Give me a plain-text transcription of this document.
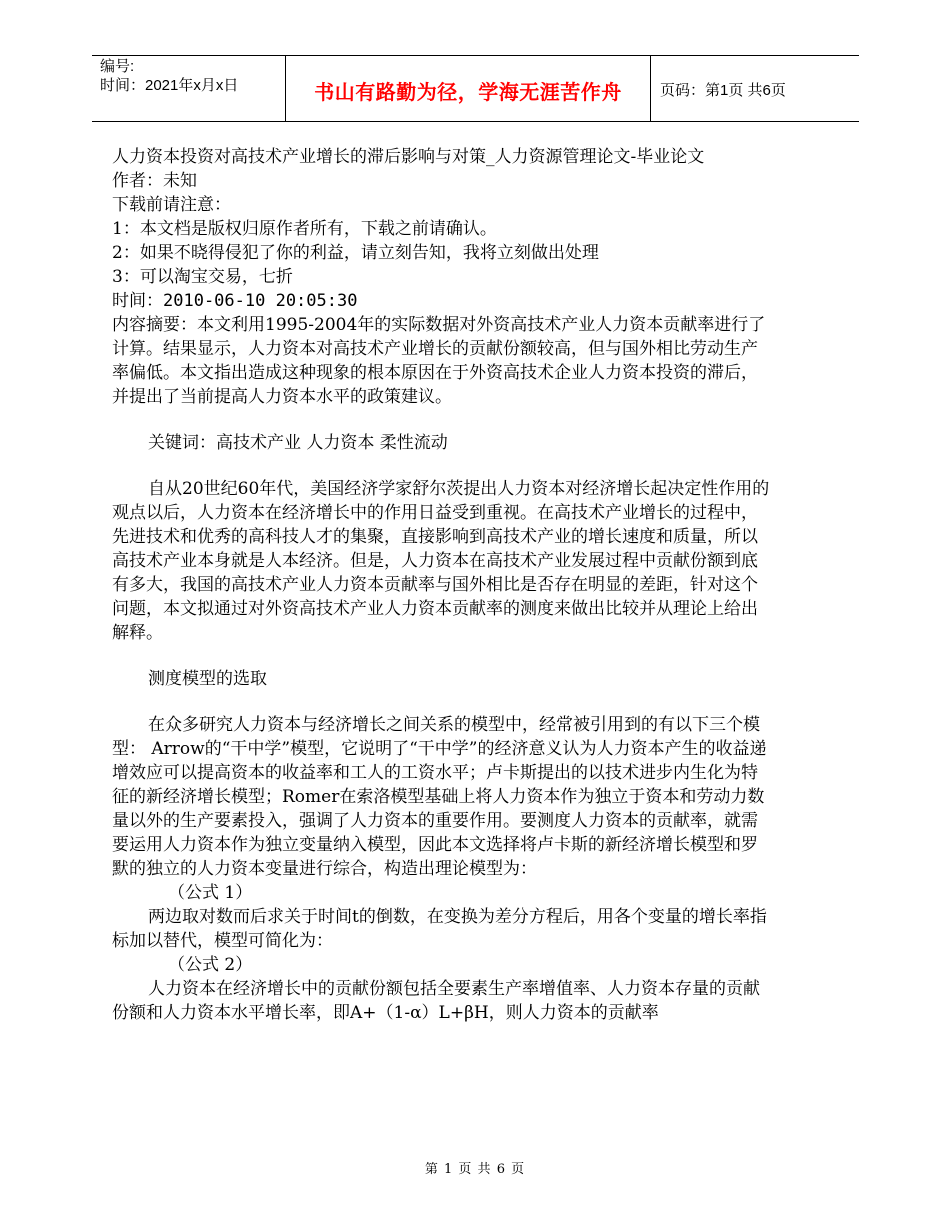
编号:
时间：2021年x月x日	书山有路勤为径，学海无涯苦作舟	页码：第1页 共6页

人力资本投资对高技术产业增长的滞后影响与对策_人力资源管理论文-毕业论文

作者：未知

下载前请注意：

1：本文档是版权归原作者所有，下载之前请确认。

2：如果不晓得侵犯了你的利益，请立刻告知，我将立刻做出处理

3：可以淘宝交易，七折

时间：2010-06-10 20:05:30

内容摘要：本文利用1995-2004年的实际数据对外资高技术产业人力资本贡献率进行了计算。结果显示，人力资本对高技术产业增长的贡献份额较高，但与国外相比劳动生产率偏低。本文指出造成这种现象的根本原因在于外资高技术企业人力资本投资的滞后，并提出了当前提高人力资本水平的政策建议。

关键词：高技术产业 人力资本 柔性流动

自从20世纪60年代，美国经济学家舒尔茨提出人力资本对经济增长起决定性作用的观点以后，人力资本在经济增长中的作用日益受到重视。在高技术产业增长的过程中，先进技术和优秀的高科技人才的集聚，直接影响到高技术产业的增长速度和质量，所以高技术产业本身就是人本经济。但是，人力资本在高技术产业发展过程中贡献份额到底有多大，我国的高技术产业人力资本贡献率与国外相比是否存在明显的差距，针对这个问题，本文拟通过对外资高技术产业人力资本贡献率的测度来做出比较并从理论上给出解释。

测度模型的选取

在众多研究人力资本与经济增长之间关系的模型中，经常被引用到的有以下三个模型： Arrow的“干中学”模型，它说明了“干中学”的经济意义认为人力资本产生的收益递增效应可以提高资本的收益率和工人的工资水平；卢卡斯提出的以技术进步内生化为特征的新经济增长模型；Romer在索洛模型基础上将人力资本作为独立于资本和劳动力数量以外的生产要素投入，强调了人力资本的重要作用。要测度人力资本的贡献率，就需要运用人力资本作为独立变量纳入模型，因此本文选择将卢卡斯的新经济增长模型和罗默的独立的人力资本变量进行综合，构造出理论模型为：

（公式 1）

两边取对数而后求关于时间t的倒数，在变换为差分方程后，用各个变量的增长率指标加以替代，模型可简化为：

（公式 2）

人力资本在经济增长中的贡献份额包括全要素生产率增值率、人力资本存量的贡献份额和人力资本水平增长率，即A+（1-α）L+βH，则人力资本的贡献率

第 1 页 共 6 页
